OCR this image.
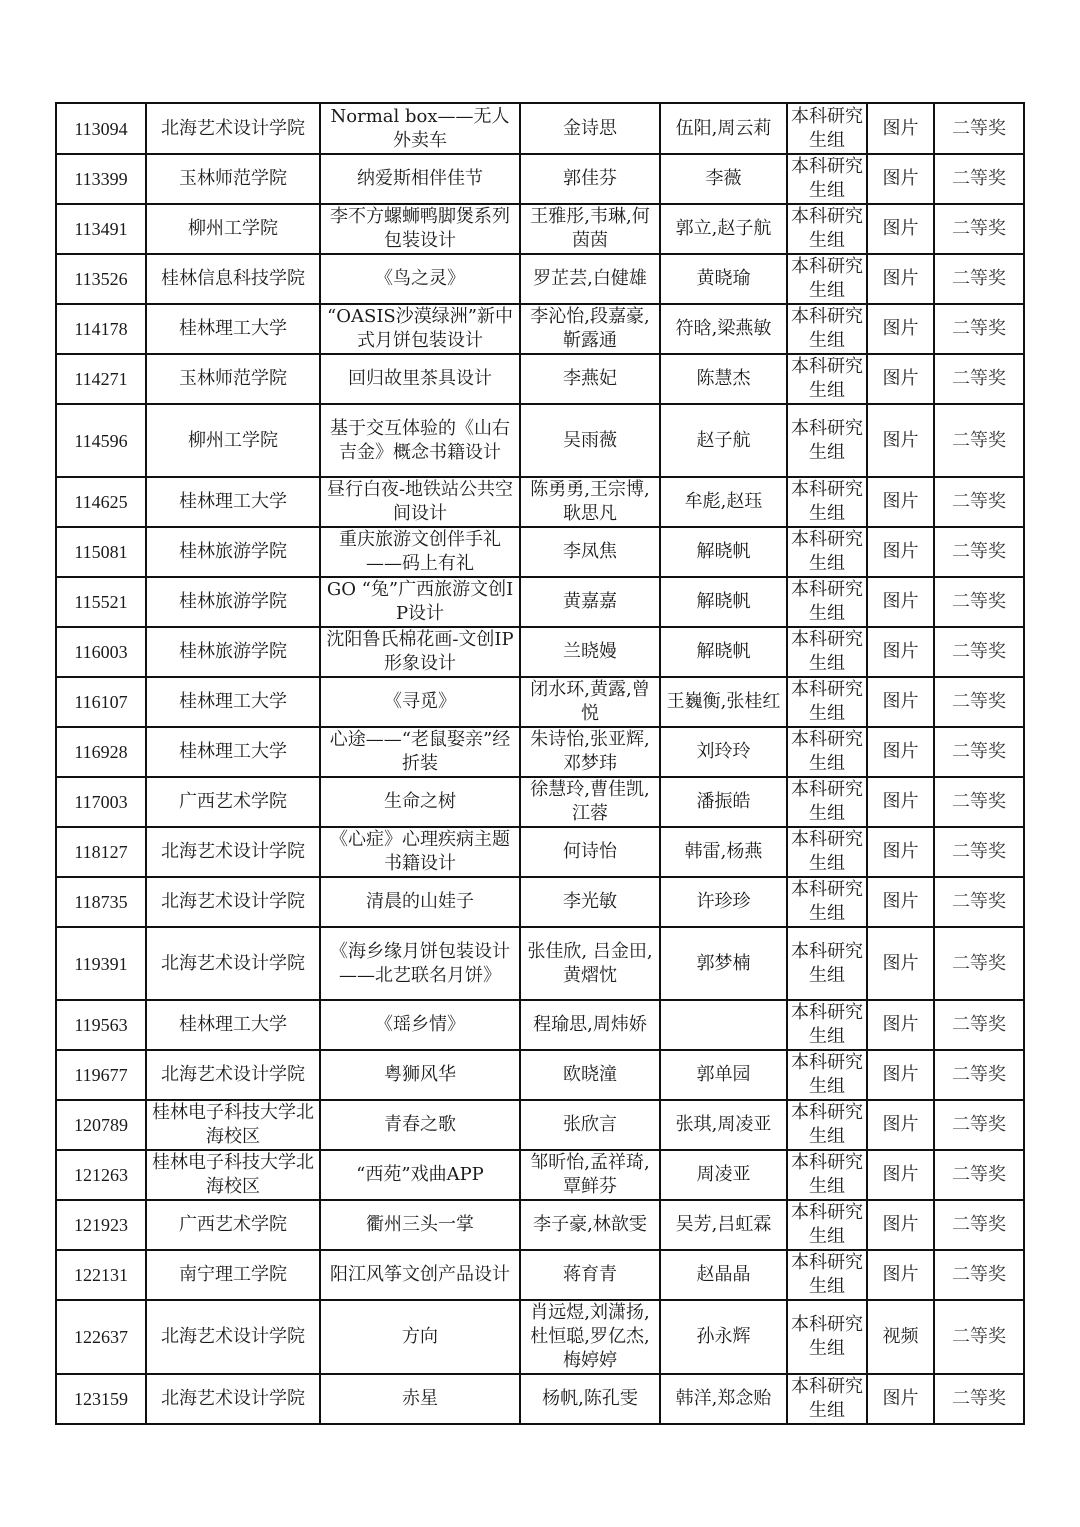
113094	北海艺术设计学院	Normal box——无人外卖车	金诗思	伍阳,周云莉	本科研究生组	图片	二等奖
113399	玉林师范学院	纳爱斯相伴佳节	郭佳芬	李薇	本科研究生组	图片	二等奖
113491	柳州工学院	李不方螺蛳鸭脚煲系列包装设计	王雅彤,韦琳,何茵茵	郭立,赵子航	本科研究生组	图片	二等奖
113526	桂林信息科技学院	《鸟之灵》	罗芷芸,白健雄	黄晓瑜	本科研究生组	图片	二等奖
114178	桂林理工大学	“OASIS沙漠绿洲”新中式月饼包装设计	李沁怡,段嘉豪,靳露通	符晗,梁燕敏	本科研究生组	图片	二等奖
114271	玉林师范学院	回归故里茶具设计	李燕妃	陈慧杰	本科研究生组	图片	二等奖
114596	柳州工学院	基于交互体验的《山右吉金》概念书籍设计	吴雨薇	赵子航	本科研究生组	图片	二等奖
114625	桂林理工大学	昼行白夜-地铁站公共空间设计	陈勇勇,王宗博,耿思凡	牟彪,赵珏	本科研究生组	图片	二等奖
115081	桂林旅游学院	重庆旅游文创伴手礼——码上有礼	李凤焦	解晓帆	本科研究生组	图片	二等奖
115521	桂林旅游学院	GO “兔”广西旅游文创IP设计	黄嘉嘉	解晓帆	本科研究生组	图片	二等奖
116003	桂林旅游学院	沈阳鲁氏棉花画-文创IP形象设计	兰晓嫚	解晓帆	本科研究生组	图片	二等奖
116107	桂林理工大学	《寻觅》	闭水环,黄露,曾悦	王巍衡,张桂红	本科研究生组	图片	二等奖
116928	桂林理工大学	心途——“老鼠娶亲”经折装	朱诗怡,张亚辉,邓梦玮	刘玲玲	本科研究生组	图片	二等奖
117003	广西艺术学院	生命之树	徐慧玲,曹佳凯,江蓉	潘振皓	本科研究生组	图片	二等奖
118127	北海艺术设计学院	《心症》心理疾病主题书籍设计	何诗怡	韩雷,杨燕	本科研究生组	图片	二等奖
118735	北海艺术设计学院	清晨的山娃子	李光敏	许珍珍	本科研究生组	图片	二等奖
119391	北海艺术设计学院	《海乡缘月饼包装设计——北艺联名月饼》	张佳欣, 吕金田,黄熠忱	郭梦楠	本科研究生组	图片	二等奖
119563	桂林理工大学	《瑶乡情》	程瑜思,周炜娇		本科研究生组	图片	二等奖
119677	北海艺术设计学院	粤狮风华	欧晓潼	郭单园	本科研究生组	图片	二等奖
120789	桂林电子科技大学北海校区	青春之歌	张欣言	张琪,周凌亚	本科研究生组	图片	二等奖
121263	桂林电子科技大学北海校区	“西苑”戏曲APP	邹昕怡,孟祥琦,覃鲜芬	周凌亚	本科研究生组	图片	二等奖
121923	广西艺术学院	衢州三头一掌	李子豪,林歆雯	吴芳,吕虹霖	本科研究生组	图片	二等奖
122131	南宁理工学院	阳江风筝文创产品设计	蒋育青	赵晶晶	本科研究生组	图片	二等奖
122637	北海艺术设计学院	方向	肖远煜,刘潇扬,杜恒聪,罗亿杰,梅婷婷	孙永辉	本科研究生组	视频	二等奖
123159	北海艺术设计学院	赤星	杨帆,陈孔雯	韩洋,郑念贻	本科研究生组	图片	二等奖
